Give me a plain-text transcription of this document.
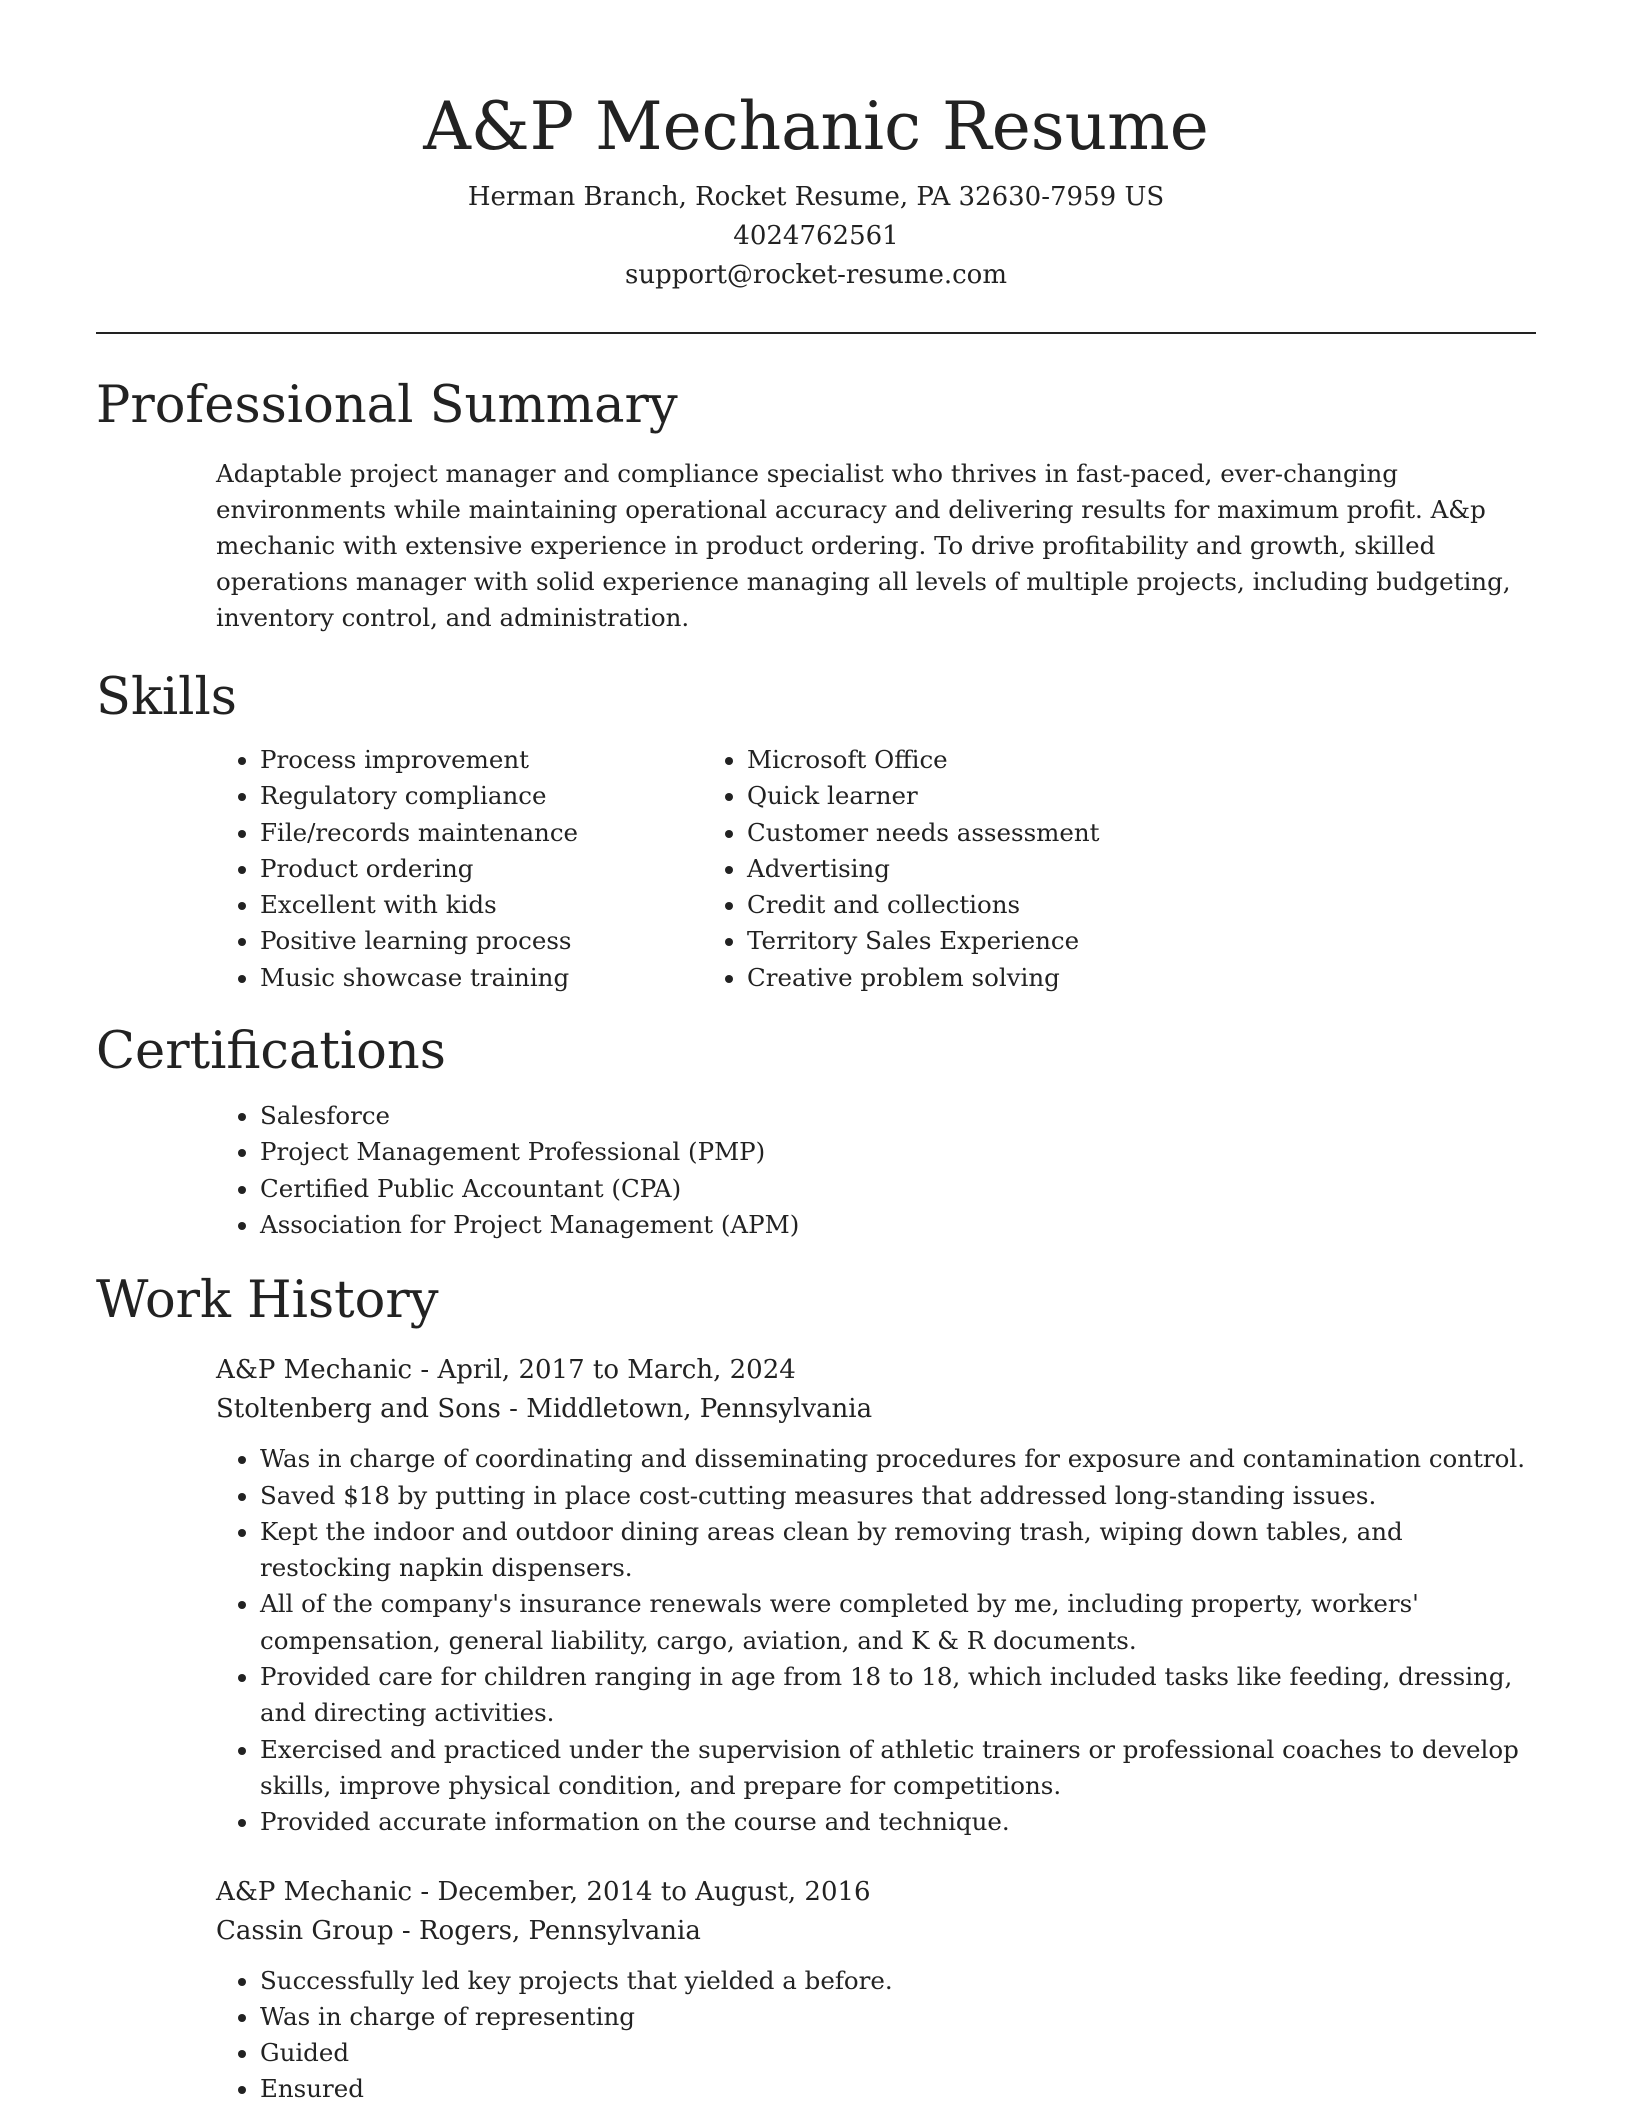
A&P Mechanic Resume
Herman Branch, Rocket Resume, PA 32630-7959 US
4024762561
support@rocket-resume.com
Professional Summary

Adaptable project manager and compliance specialist who thrives in fast-paced, ever-changing environments while maintaining operational accuracy and delivering results for maximum profit. A&p mechanic with extensive experience in product ordering. To drive profitability and growth, skilled operations manager with solid experience managing all levels of multiple projects, including budgeting, inventory control, and administration.

Skills
• Process improvement
• Regulatory compliance
• File/records maintenance
• Product ordering
• Excellent with kids
• Positive learning process
• Music showcase training
• Microsoft Office
• Quick learner
• Customer needs assessment
• Advertising
• Credit and collections
• Territory Sales Experience
• Creative problem solving
Certifications
• Salesforce
• Project Management Professional (PMP)
• Certified Public Accountant (CPA)
• Association for Project Management (APM)
Work History
A&P Mechanic - April, 2017 to March, 2024
Stoltenberg and Sons - Middletown, Pennsylvania
• Was in charge of coordinating and disseminating procedures for exposure and contamination control.
• Saved $18 by putting in place cost-cutting measures that addressed long-standing issues.
• Kept the indoor and outdoor dining areas clean by removing trash, wiping down tables, and restocking napkin dispensers.
• All of the company's insurance renewals were completed by me, including property, workers' compensation, general liability, cargo, aviation, and K & R documents.
• Provided care for children ranging in age from 18 to 18, which included tasks like feeding, dressing, and directing activities.
• Exercised and practiced under the supervision of athletic trainers or professional coaches to develop skills, improve physical condition, and prepare for competitions.
• Provided accurate information on the course and technique.
A&P Mechanic - December, 2014 to August, 2016
Cassin Group - Rogers, Pennsylvania
• Successfully led key projects that yielded a before.
• Was in charge of representing
• Guided
• Ensured
